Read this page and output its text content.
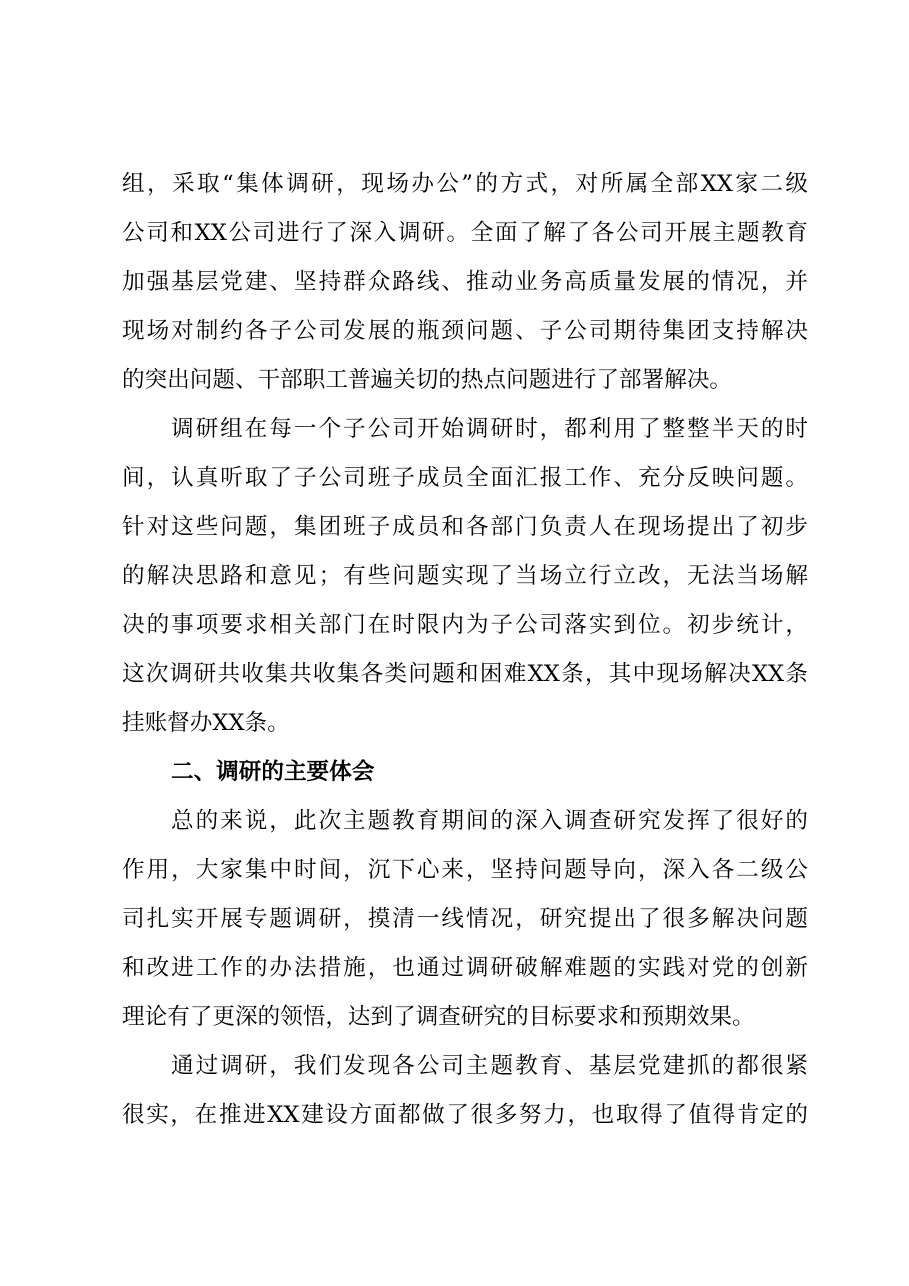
组，采取“集体调研，现场办公”的方式，对所属全部XX家二级
公司和XX公司进行了深入调研。全面了解了各公司开展主题教育
加强基层党建、坚持群众路线、推动业务高质量发展的情况，并
现场对制约各子公司发展的瓶颈问题、子公司期待集团支持解决
的突出问题、干部职工普遍关切的热点问题进行了部署解决。
调研组在每一个子公司开始调研时，都利用了整整半天的时
间，认真听取了子公司班子成员全面汇报工作、充分反映问题。
针对这些问题，集团班子成员和各部门负责人在现场提出了初步
的解决思路和意见；有些问题实现了当场立行立改，无法当场解
决的事项要求相关部门在时限内为子公司落实到位。初步统计，
这次调研共收集共收集各类问题和困难XX条，其中现场解决XX条
挂账督办XX条。
二、调研的主要体会
总的来说，此次主题教育期间的深入调查研究发挥了很好的
作用，大家集中时间，沉下心来，坚持问题导向，深入各二级公
司扎实开展专题调研，摸清一线情况，研究提出了很多解决问题
和改进工作的办法措施，也通过调研破解难题的实践对党的创新
理论有了更深的领悟，达到了调查研究的目标要求和预期效果。
通过调研，我们发现各公司主题教育、基层党建抓的都很紧
很实，在推进XX建设方面都做了很多努力，也取得了值得肯定的
